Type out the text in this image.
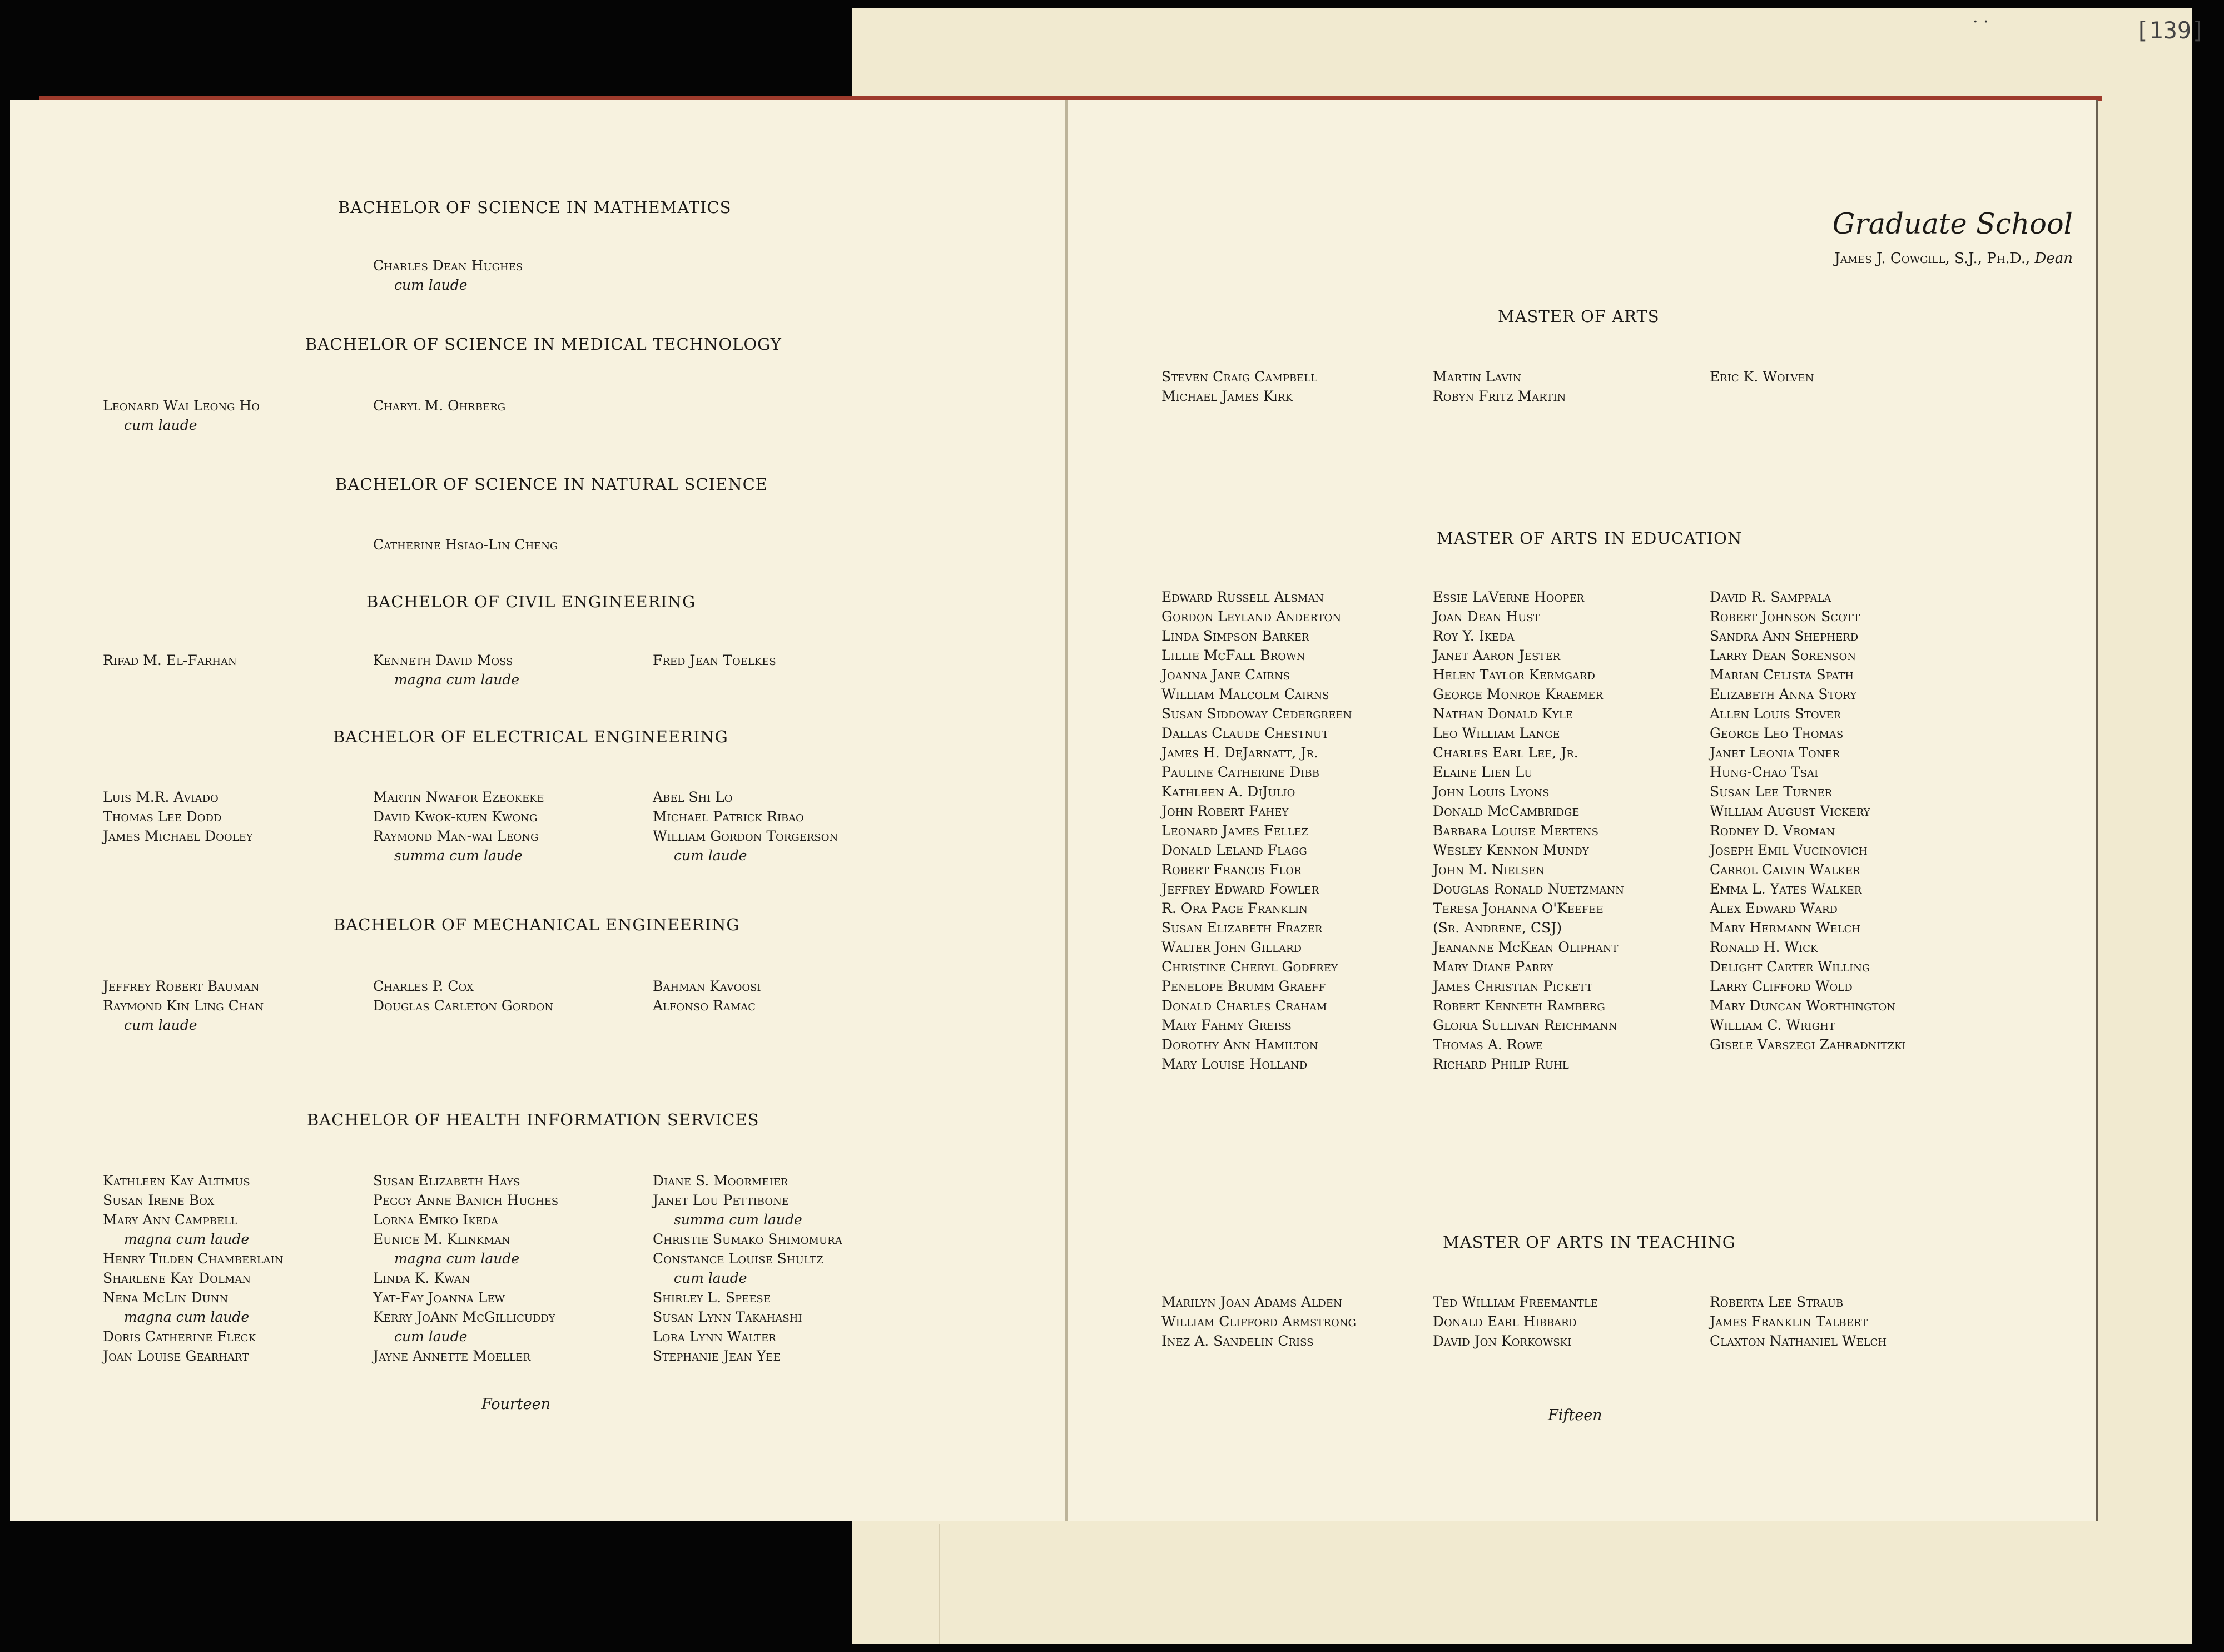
· ·	[139]
BACHELOR OF SCIENCE IN MATHEMATICS
Charles Dean Hughes
cum laude
BACHELOR OF SCIENCE IN MEDICAL TECHNOLOGY
Leonard Wai Leong Ho
cum laude
Charyl M. Ohrberg
BACHELOR OF SCIENCE IN NATURAL SCIENCE
Catherine Hsiao-Lin Cheng
BACHELOR OF CIVIL ENGINEERING
Rifad M. El-Farhan	Kenneth David Moss
magna cum laude
Fred Jean Toelkes
BACHELOR OF ELECTRICAL ENGINEERING
Luis M.R. Aviado
Thomas Lee Dodd
James Michael Dooley
Martin Nwafor Ezeokeke
David Kwok-kuen Kwong
Raymond Man-wai Leong
summa cum laude
Abel Shi Lo
Michael Patrick Ribao
William Gordon Torgerson
cum laude
BACHELOR OF MECHANICAL ENGINEERING
Jeffrey Robert Bauman
Raymond Kin Ling Chan
cum laude
Charles P. Cox
Douglas Carleton Gordon
Bahman Kavoosi
Alfonso Ramac
BACHELOR OF HEALTH INFORMATION SERVICES
Kathleen Kay Altimus
Susan Irene Box
Mary Ann Campbell
magna cum laude
Henry Tilden Chamberlain
Sharlene Kay Dolman
Nena McLin Dunn
magna cum laude
Doris Catherine Fleck
Joan Louise Gearhart
Susan Elizabeth Hays
Peggy Anne Banich Hughes
Lorna Emiko Ikeda
Eunice M. Klinkman
magna cum laude
Linda K. Kwan
Yat-Fay Joanna Lew
Kerry JoAnn McGillicuddy
cum laude
Jayne Annette Moeller
Diane S. Moormeier
Janet Lou Pettibone
summa cum laude
Christie Sumako Shimomura
Constance Louise Shultz
cum laude
Shirley L. Speese
Susan Lynn Takahashi
Lora Lynn Walter
Stephanie Jean Yee
Fourteen
Graduate School
James J. Cowgill, S.J., Ph.D., Dean
MASTER OF ARTS
Steven Craig Campbell
Michael James Kirk
Martin Lavin
Robyn Fritz Martin
Eric K. Wolven
MASTER OF ARTS IN EDUCATION
Edward Russell Alsman
Gordon Leyland Anderton
Linda Simpson Barker
Lillie McFall Brown
Joanna Jane Cairns
William Malcolm Cairns
Susan Siddoway Cedergreen
Dallas Claude Chestnut
James H. DeJarnatt, Jr.
Pauline Catherine Dibb
Kathleen A. DiJulio
John Robert Fahey
Leonard James Fellez
Donald Leland Flagg
Robert Francis Flor
Jeffrey Edward Fowler
R. Ora Page Franklin
Susan Elizabeth Frazer
Walter John Gillard
Christine Cheryl Godfrey
Penelope Brumm Graeff
Donald Charles Craham
Mary Fahmy Greiss
Dorothy Ann Hamilton
Mary Louise Holland
Essie LaVerne Hooper
Joan Dean Hust
Roy Y. Ikeda
Janet Aaron Jester
Helen Taylor Kermgard
George Monroe Kraemer
Nathan Donald Kyle
Leo William Lange
Charles Earl Lee, Jr.
Elaine Lien Lu
John Louis Lyons
Donald McCambridge
Barbara Louise Mertens
Wesley Kennon Mundy
John M. Nielsen
Douglas Ronald Nuetzmann
Teresa Johanna O'Keefee
(Sr. Andrene, CSJ)
Jeananne McKean Oliphant
Mary Diane Parry
James Christian Pickett
Robert Kenneth Ramberg
Gloria Sullivan Reichmann
Thomas A. Rowe
Richard Philip Ruhl
David R. Samppala
Robert Johnson Scott
Sandra Ann Shepherd
Larry Dean Sorenson
Marian Celista Spath
Elizabeth Anna Story
Allen Louis Stover
George Leo Thomas
Janet Leonia Toner
Hung-Chao Tsai
Susan Lee Turner
William August Vickery
Rodney D. Vroman
Joseph Emil Vucinovich
Carrol Calvin Walker
Emma L. Yates Walker
Alex Edward Ward
Mary Hermann Welch
Ronald H. Wick
Delight Carter Willing
Larry Clifford Wold
Mary Duncan Worthington
William C. Wright
Gisele Varszegi Zahradnitzki
MASTER OF ARTS IN TEACHING
Marilyn Joan Adams Alden
William Clifford Armstrong
Inez A. Sandelin Criss
Ted William Freemantle
Donald Earl Hibbard
David Jon Korkowski
Roberta Lee Straub
James Franklin Talbert
Claxton Nathaniel Welch
Fifteen
